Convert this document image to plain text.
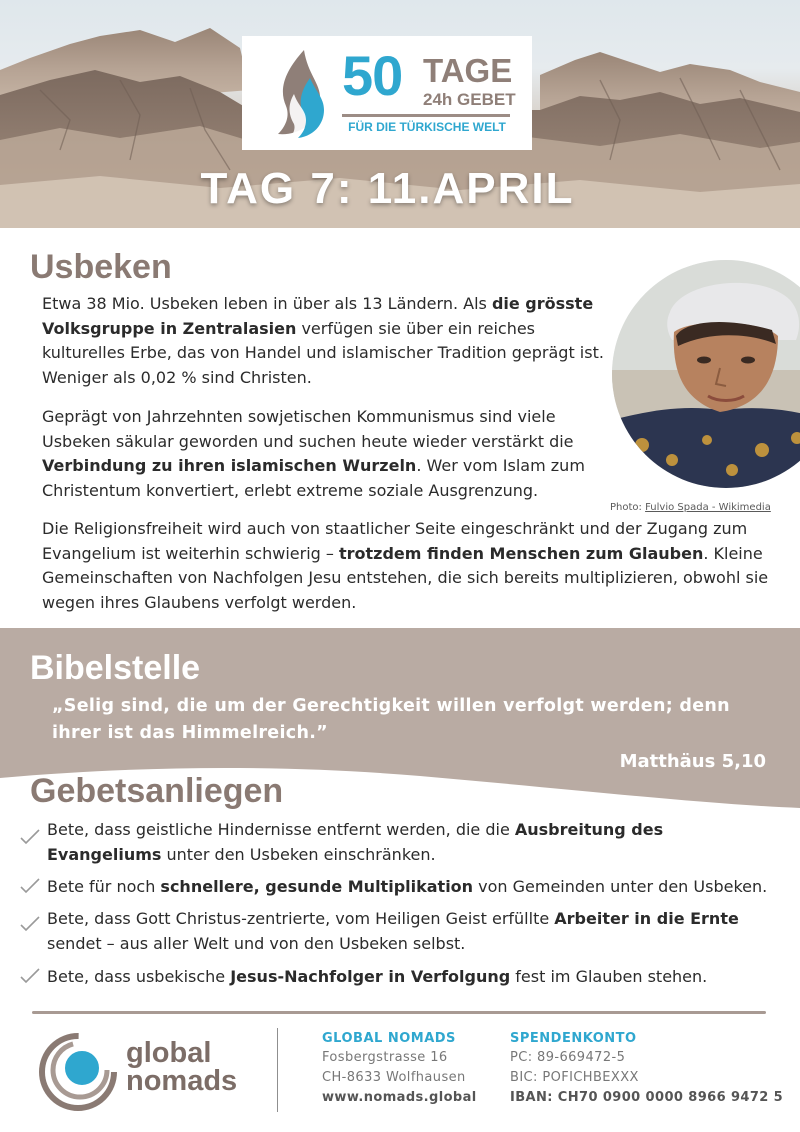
50 TAGE
24h GEBET
FÜR DIE TÜRKISCHE WELT
TAG 7: 11.APRIL
Usbeken
Etwa 38 Mio. Usbeken leben in über als 13 Ländern. Als die grösste Volksgruppe in Zentralasien verfügen sie über ein reiches kulturelles Erbe, das von Handel und islamischer Tradition geprägt ist. Weniger als 0,02 % sind Christen.
Geprägt von Jahrzehnten sowjetischen Kommunismus sind viele Usbeken säkular geworden und suchen heute wieder verstärkt die Verbindung zu ihren islamischen Wurzeln. Wer vom Islam zum Christentum konvertiert, erlebt extreme soziale Ausgrenzung.
Photo: Fulvio Spada - Wikimedia
Die Religionsfreiheit wird auch von staatlicher Seite eingeschränkt und der Zugang zum Evangelium ist weiterhin schwierig – trotzdem finden Menschen zum Glauben. Kleine Gemeinschaften von Nachfolgen Jesu entstehen, die sich bereits multiplizieren, obwohl sie wegen ihres Glaubens verfolgt werden.
Bibelstelle
„Selig sind, die um der Gerechtigkeit willen verfolgt werden; denn ihrer ist das Himmelreich.”
Matthäus 5,10
Gebetsanliegen
Bete, dass geistliche Hindernisse entfernt werden, die die Ausbreitung des Evangeliums unter den Usbeken einschränken.
Bete für noch schnellere, gesunde Multiplikation von Gemeinden unter den Usbeken.
Bete, dass Gott Christus-zentrierte, vom Heiligen Geist erfüllte Arbeiter in die Ernte sendet – aus aller Welt und von den Usbeken selbst.
Bete, dass usbekische Jesus-Nachfolger in Verfolgung fest im Glauben stehen.
global
nomads
GLOBAL NOMADS
Fosbergstrasse 16
CH-8633 Wolfhausen
www.nomads.global
SPENDENKONTO
PC: 89-669472-5
BIC: POFICHBEXXX
IBAN: CH70 0900 0000 8966 9472 5
